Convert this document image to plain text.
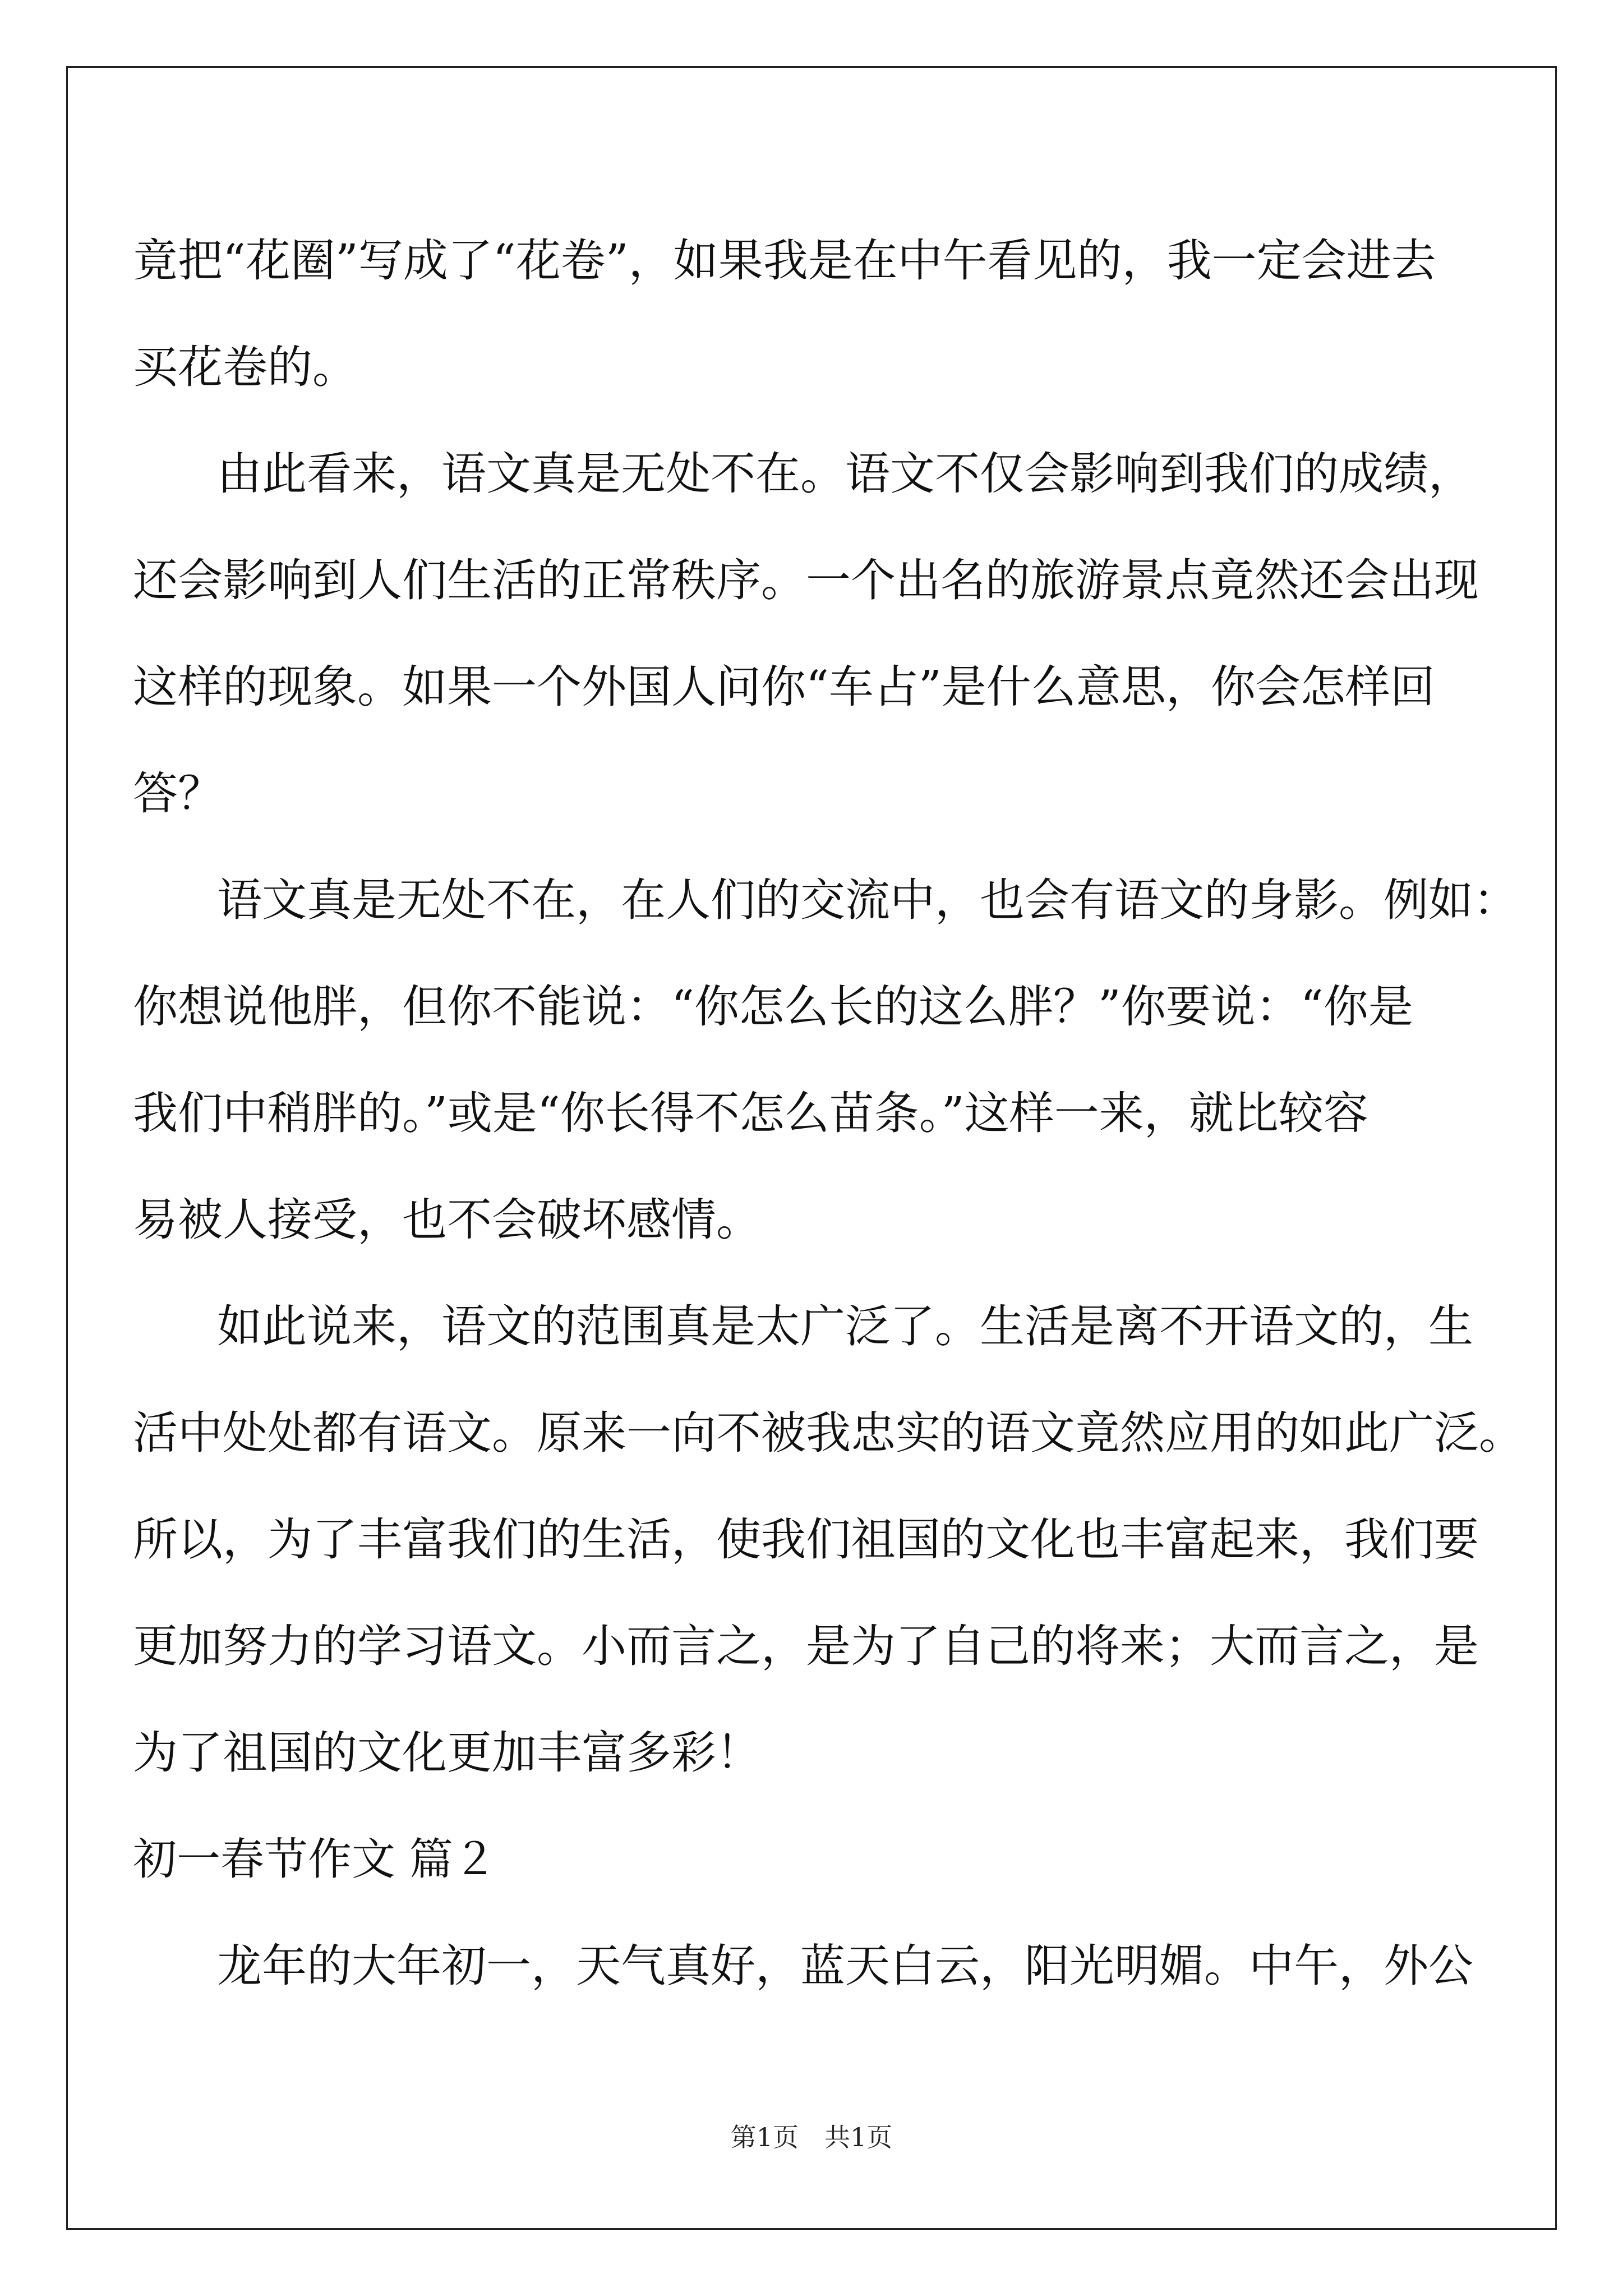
竟把“花圈”写成了“花卷”，如果我是在中午看见的，我一定会进去
买花卷的。
由此看来，语文真是无处不在。语文不仅会影响到我们的成绩，
还会影响到人们生活的正常秩序。一个出名的旅游景点竟然还会出现
这样的现象。如果一个外国人问你“车占”是什么意思，你会怎样回
答？
语文真是无处不在，在人们的交流中，也会有语文的身影。例如：
你想说他胖，但你不能说：“你怎么长的这么胖？”你要说：“你是
我们中稍胖的。”或是“你长得不怎么苗条。”这样一来，就比较容
易被人接受，也不会破坏感情。
如此说来，语文的范围真是太广泛了。生活是离不开语文的，生
活中处处都有语文。原来一向不被我忠实的语文竟然应用的如此广泛。
所以，为了丰富我们的生活，使我们祖国的文化也丰富起来，我们要
更加努力的学习语文。小而言之，是为了自己的将来；大而言之，是
为了祖国的文化更加丰富多彩！
初一春节作文 篇２
龙年的大年初一，天气真好，蓝天白云，阳光明媚。中午，外公
第1页　共1页
